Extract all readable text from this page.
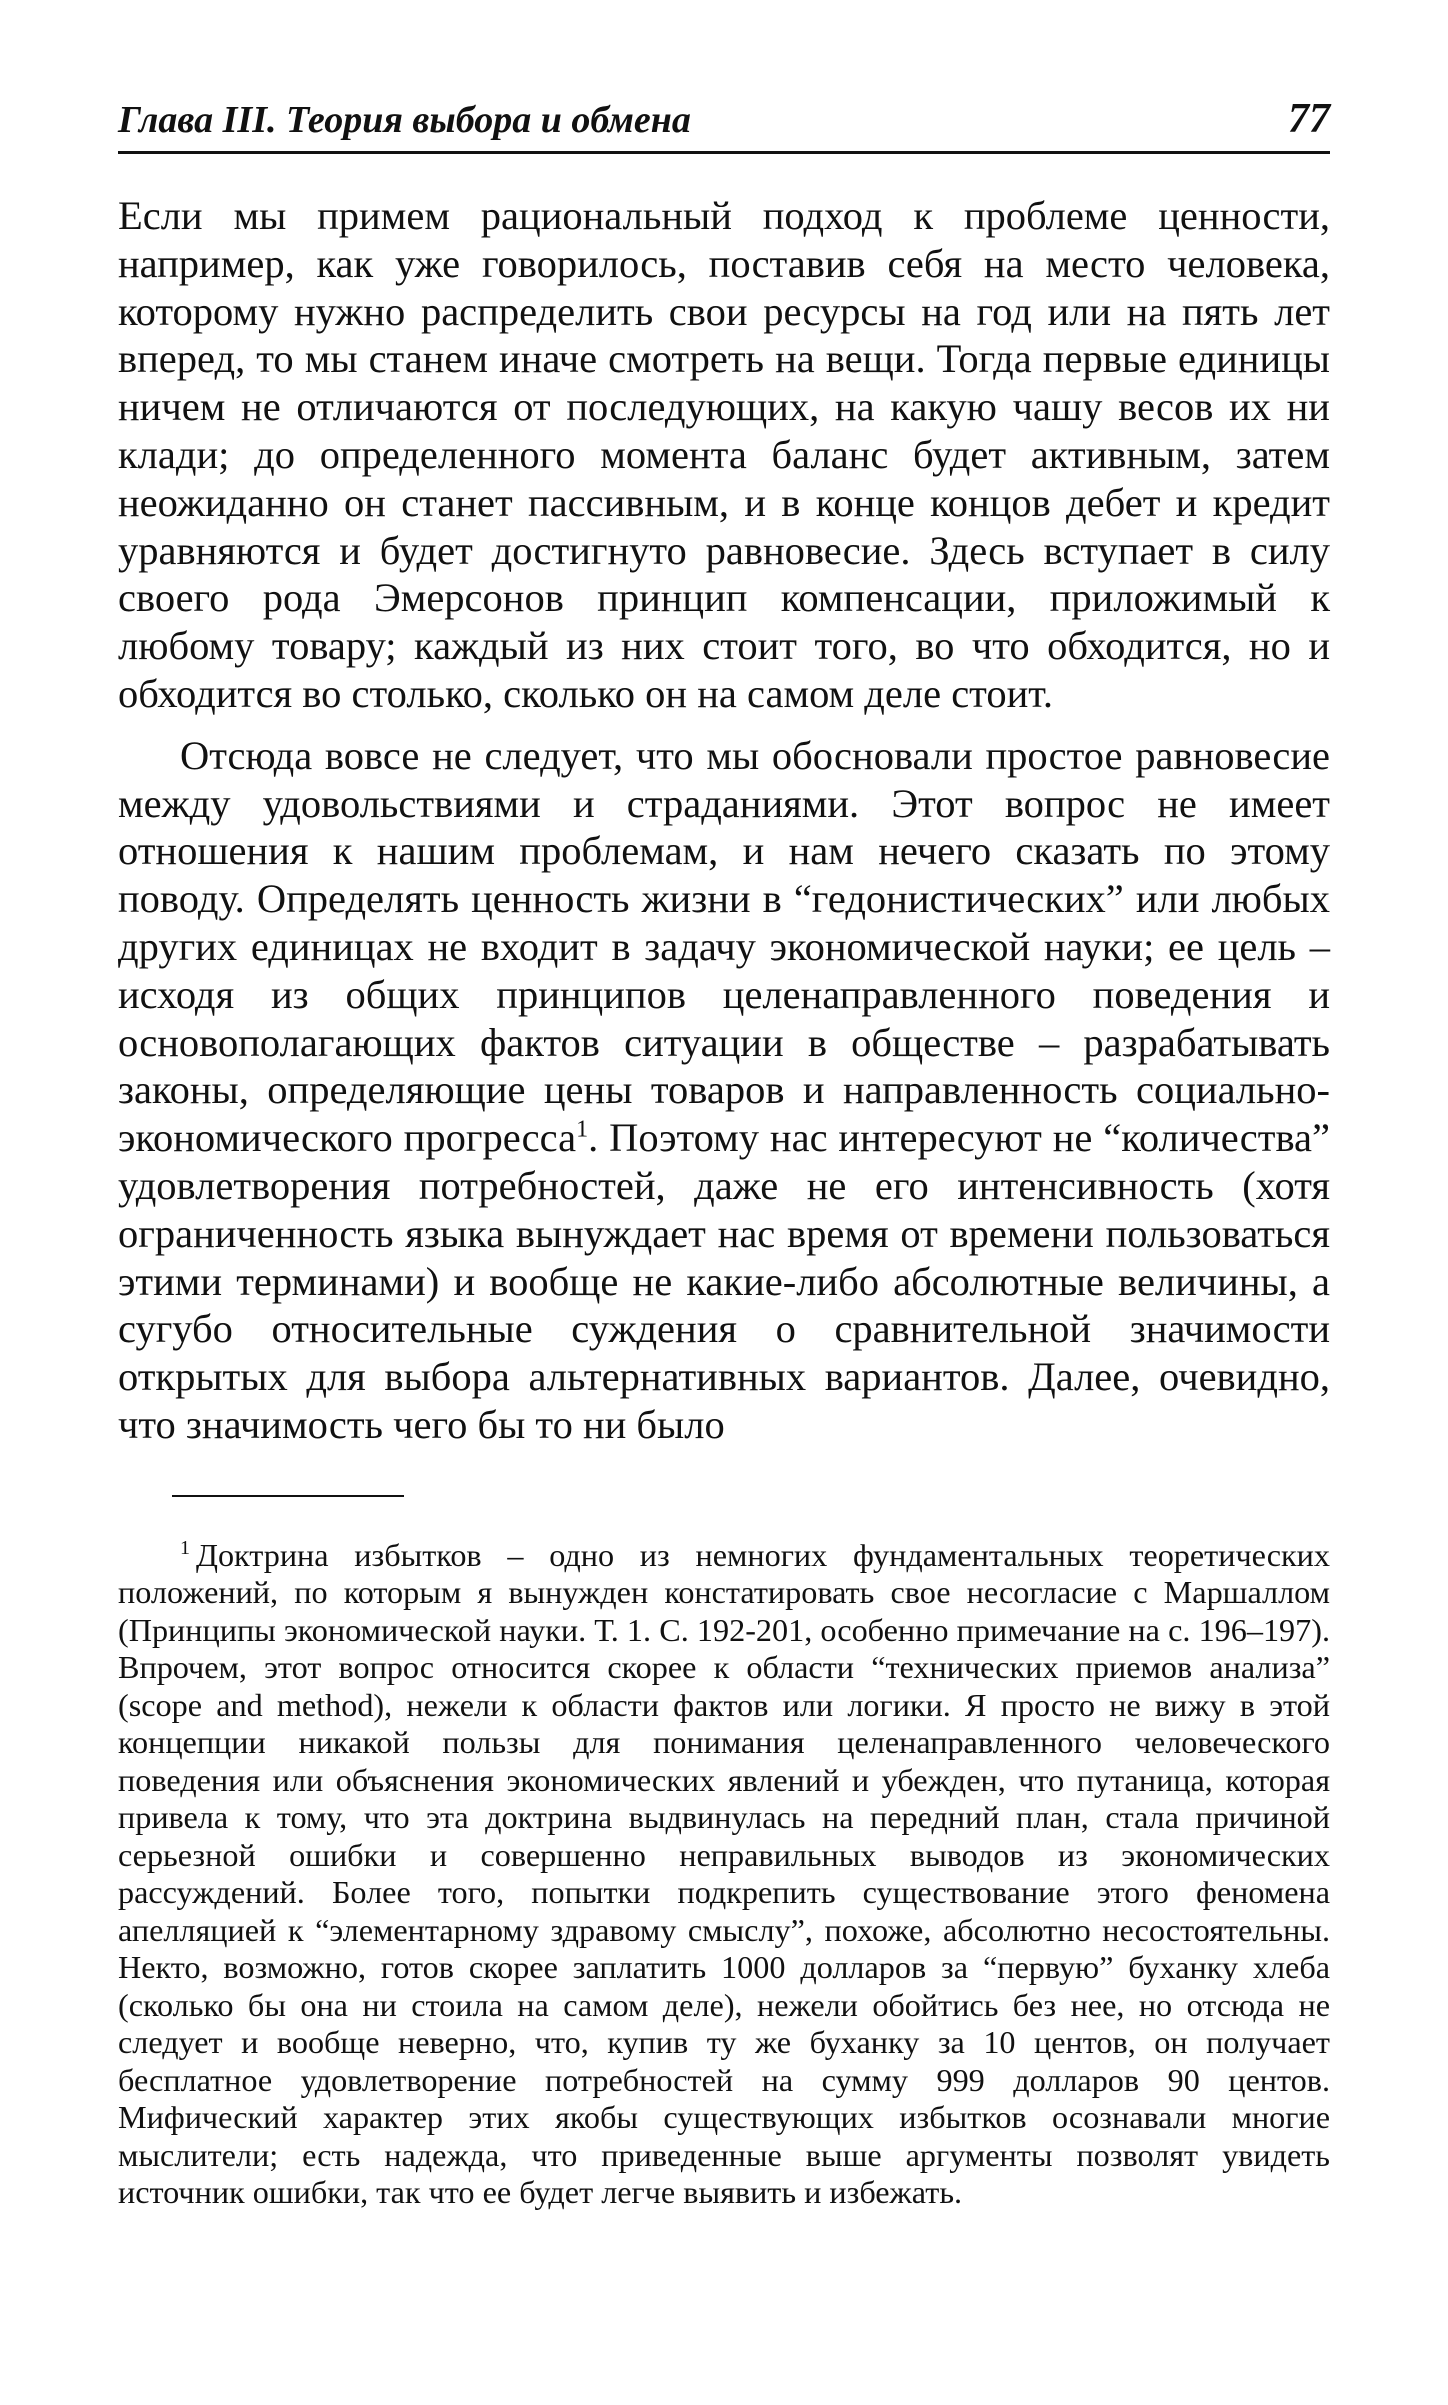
Глава III. Теория выбора и обмена	77

Если мы примем рациональный подход к проблеме ценности, например, как уже говорилось, поставив себя на место человека, которому нужно распределить свои ресурсы на год или на пять лет вперед, то мы станем иначе смотреть на вещи. Тогда первые единицы ничем не отличаются от последующих, на какую чашу весов их ни клади; до определенного момента баланс будет активным, затем неожиданно он станет пассивным, и в конце концов дебет и кредит уравняются и будет достигнуто равновесие. Здесь вступает в силу своего рода Эмерсонов принцип компенсации, приложимый к любому товару; каждый из них стоит того, во что обходится, но и обходится во столько, сколько он на самом деле стоит.

Отсюда вовсе не следует, что мы обосновали простое равновесие между удовольствиями и страданиями. Этот вопрос не имеет отношения к нашим проблемам, и нам нечего сказать по этому поводу. Определять ценность жизни в “гедонистических” или любых других единицах не входит в задачу экономической науки; ее цель – исходя из общих принципов целенаправленного поведения и основополагающих фактов ситуации в обществе – разрабатывать законы, определяющие цены товаров и направленность социально-экономического прогресса$^1$. Поэтому нас интересуют не “количества” удовлетворения потребностей, даже не его интенсивность (хотя ограниченность языка вынуждает нас время от времени пользоваться этими терминами) и вообще не какие-либо абсолютные величины, а сугубо относительные суждения о сравнительной значимости открытых для выбора альтернативных вариантов. Далее, очевидно, что значимость чего бы то ни было

$^1$ Доктрина избытков – одно из немногих фундаментальных теоретических положений, по которым я вынужден констатировать свое несогласие с Маршаллом (Принципы экономической науки. Т. 1. С. 192-201, особенно примечание на с. 196–197). Впрочем, этот вопрос относится скорее к области “технических приемов анализа” (scope and method), нежели к области фактов или логики. Я просто не вижу в этой концепции никакой пользы для понимания целенаправленного человеческого поведения или объяснения экономических явлений и убежден, что путаница, которая привела к тому, что эта доктрина выдвинулась на передний план, стала причиной серьезной ошибки и совершенно неправильных выводов из экономических рассуждений. Более того, попытки подкрепить существование этого феномена апелляцией к “элементарному здравому смыслу”, похоже, абсолютно несостоятельны. Некто, возможно, готов скорее заплатить 1000 долларов за “первую” буханку хлеба (сколько бы она ни стоила на самом деле), нежели обойтись без нее, но отсюда не следует и вообще неверно, что, купив ту же буханку за 10 центов, он получает бесплатное удовлетворение потребностей на сумму 999 долларов 90 центов. Мифический характер этих якобы существующих избытков осознавали многие мыслители; есть надежда, что приведенные выше аргументы позволят увидеть источник ошибки, так что ее будет легче выявить и избежать.
